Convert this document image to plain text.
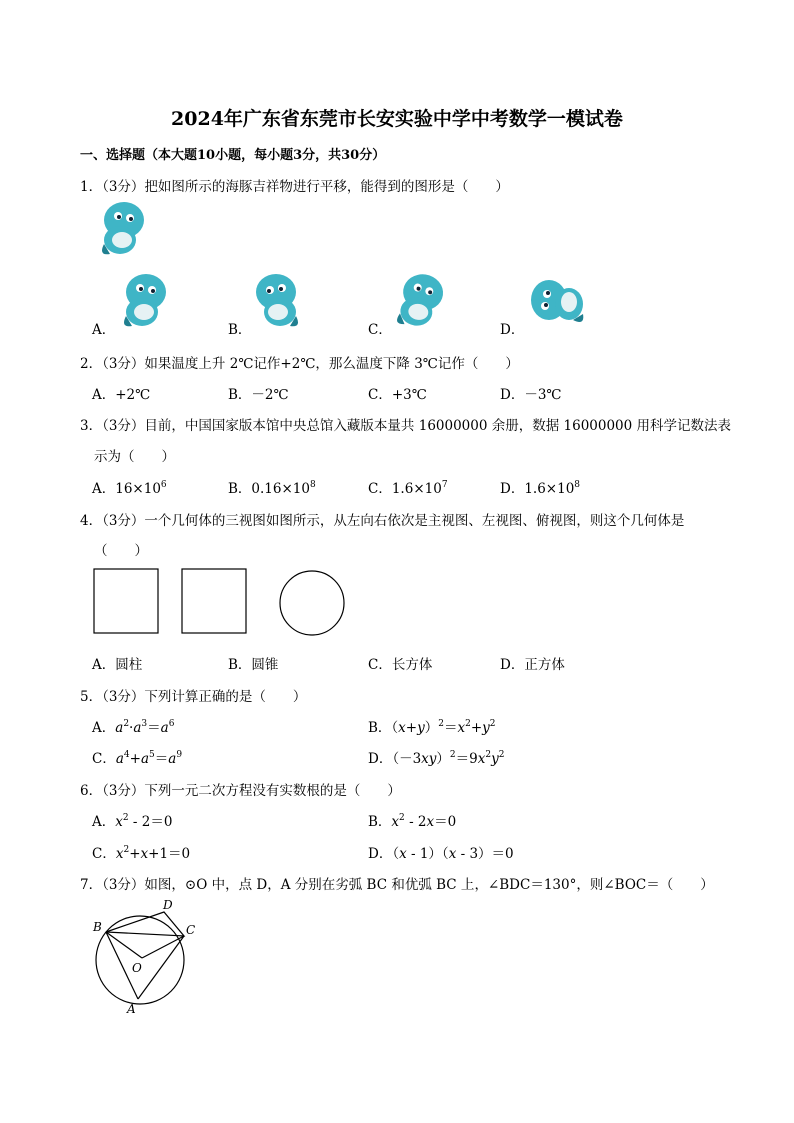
2024年广东省东莞市长安实验中学中考数学一模试卷
一、选择题（本大题10小题，每小题3分，共30分）
1．（3分）把如图所示的海豚吉祥物进行平移，能得到的图形是（　　）
A．	B．	C．	D．
2．（3分）如果温度上升 2℃记作+2℃，那么温度下降 3℃记作（　　）
A．+2℃	B．－2℃	C．+3℃	D．－3℃
3．（3分）目前，中国国家版本馆中央总馆入藏版本量共 16000000 余册，数据 16000000 用科学记数法表
示为（　　）
A．$16\times 10^6$	B．$0.16\times 10^8$	C．$1.6\times 10^7$	D．$1.6\times 10^8$
4．（3分）一个几何体的三视图如图所示，从左向右依次是主视图、左视图、俯视图，则这个几何体是
（　　）
A．圆柱	B．圆锥	C．长方体	D．正方体
5．（3分）下列计算正确的是（　　）
A．$a^2\cdot a^3=a^6$	B．$(x+y)^2=x^2+y^2$
C．$a^4+a^5=a^9$	D．$(-3xy)^2=9x^2y^2$
6．（3分）下列一元二次方程没有实数根的是（　　）
A．$x^2 - 2=0$	B．$x^2 - 2x=0$
C．$x^2+x+1=0$	D．（x - 1）（x - 3）＝0
7．（3分）如图，⊙O 中，点 D，A 分别在劣弧 BC 和优弧 BC 上，∠BDC＝130°，则∠BOC＝（　　）
B
D
C
O
A
